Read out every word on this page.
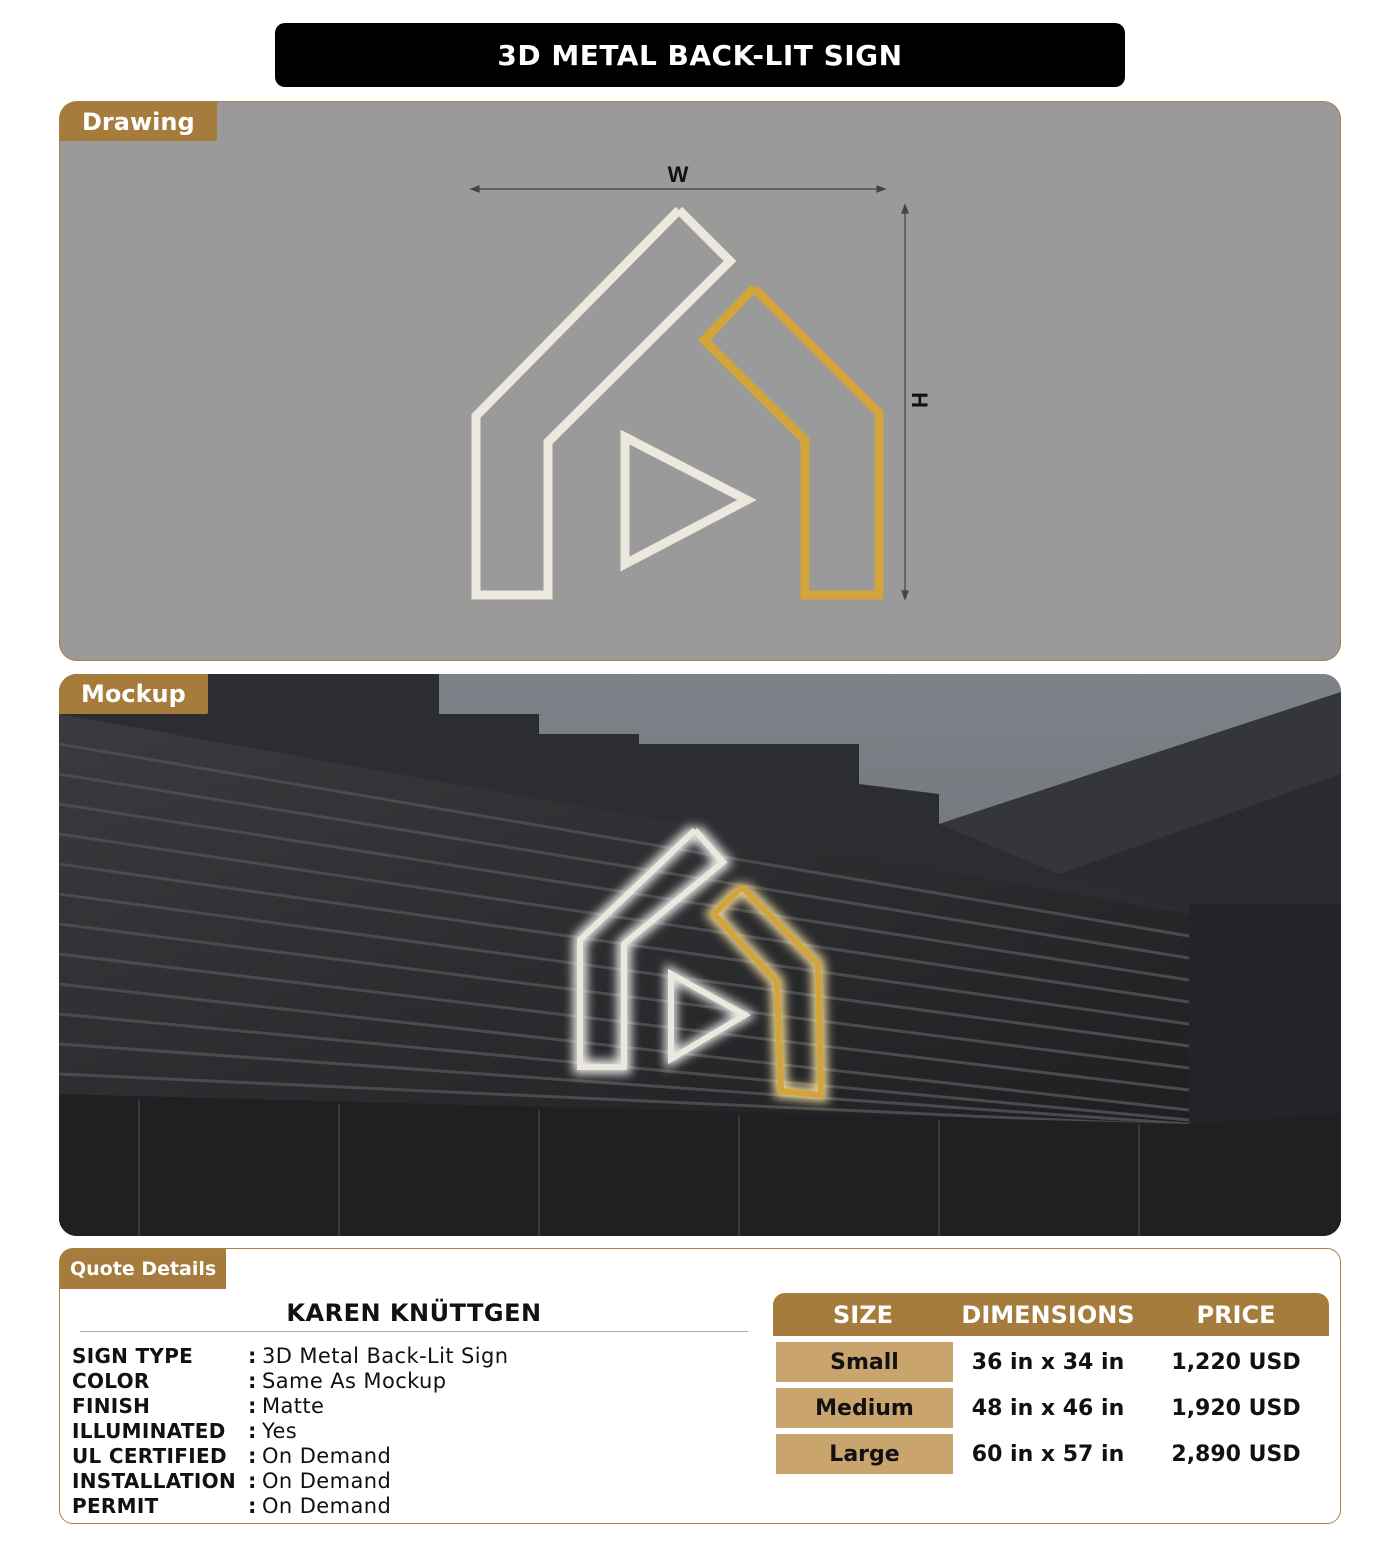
3D METAL BACK-LIT SIGN
Drawing
W
H
Mockup
Quote Details
KAREN KNÜTTGEN
SIGN TYPE	: 3D Metal Back-Lit Sign
COLOR	: Same As Mockup
FINISH	: Matte
ILLUMINATED	: Yes
UL CERTIFIED	: On Demand
INSTALLATION : On Demand
PERMIT	: On Demand
SIZE	DIMENSIONS	PRICE
Small	36 in x 34 in	1,220 USD
Medium	48 in x 46 in	1,920 USD
Large	60 in x 57 in	2,890 USD
